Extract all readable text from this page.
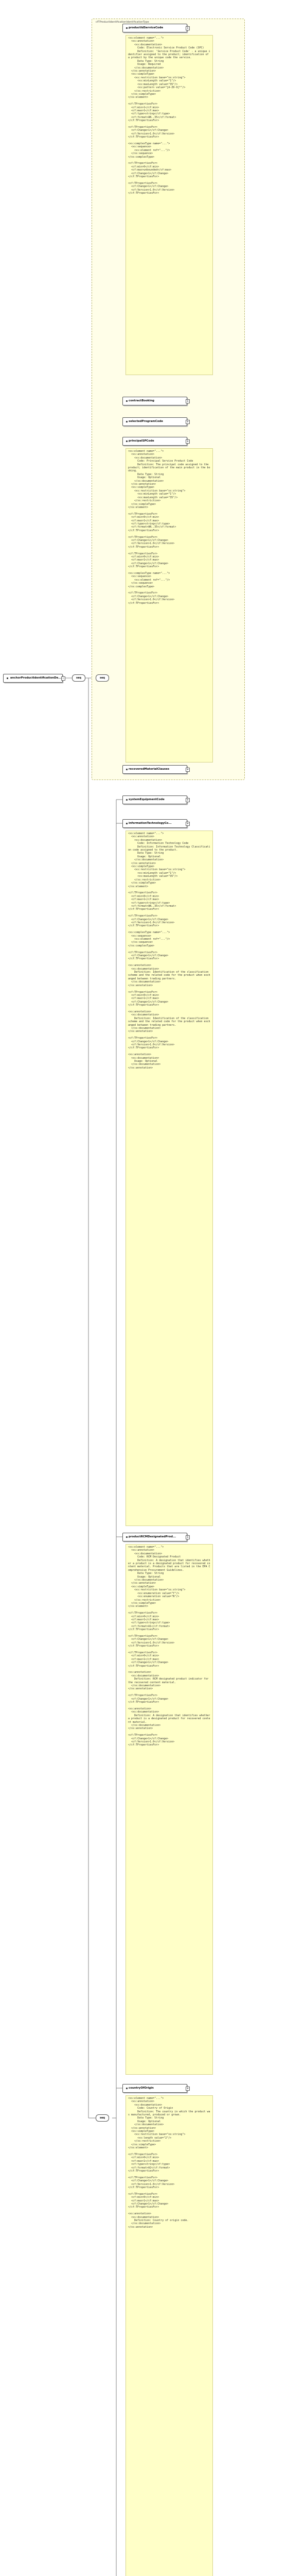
cfTProductIdentificationIdentificationType
anchorProductIdentificationDe... −	seq	seq
seq
productIdServiceCode	+
<xs:element name="...">
<xs:annotation>
<xs:documentation>
Code: Electronic Service Product Code (SPC)
Definition: 'Service Product Code' - a unique identifier assigned to the product; identification of a product by the unique code the service.
Data Type: String
Usage: Required
</xs:documentation>
</xs:annotation>
<xs:simpleType>
<xs:restriction base="xs:string">
<xs:minLength value="1"/>
<xs:maxLength value="35"/>
<xs:pattern value="[A-Z0-9]*"/>
</xs:restriction>
</xs:simpleType>
</xs:element>

<cf:TPropertiesFor>
<cf:min>1</cf:min>
<cf:max>1</cf:max>
<cf:type>string</cf:type>
<cf:format>AN..35</cf:format>
</cf:TPropertiesFor>

<cf:TPropertiesFor>
<cf:Change>1</cf:Change>
<cf:Version>1.0</cf:Version>
</cf:TPropertiesFor>

<xs:complexType name="...">
<xs:sequence>
<xs:element ref="..."/>
</xs:sequence>
</xs:complexType>

<cf:TPropertiesFor>
<cf:min>0</cf:min>
<cf:max>unbounded</cf:max>
<cf:Change>1</cf:Change>
</cf:TPropertiesFor>

<cf:TPropertiesFor>
<cf:Change>1</cf:Change>
<cf:Version>1.0</cf:Version>
</cf:TPropertiesFor>
contractBooking	+
selectedProgramCode	+
principalSPCode	+
<xs:element name="...">
<xs:annotation>
<xs:documentation>
Code: Principal Service Product Code
Definition: The principal code assigned to the product; identification of the main product in the booking.
Data Type: String
Usage: Optional
</xs:documentation>
</xs:annotation>
<xs:simpleType>
<xs:restriction base="xs:string">
<xs:minLength value="1"/>
<xs:maxLength value="35"/>
</xs:restriction>
</xs:simpleType>
</xs:element>

<cf:TPropertiesFor>
<cf:min>0</cf:min>
<cf:max>1</cf:max>
<cf:type>string</cf:type>
<cf:format>AN..35</cf:format>
</cf:TPropertiesFor>

<cf:TPropertiesFor>
<cf:Change>1</cf:Change>
<cf:Version>1.0</cf:Version>
</cf:TPropertiesFor>

<cf:TPropertiesFor>
<cf:min>0</cf:min>
<cf:max>1</cf:max>
<cf:Change>1</cf:Change>
</cf:TPropertiesFor>

<xs:complexType name="...">
<xs:sequence>
<xs:element ref="..."/>
</xs:sequence>
</xs:complexType>

<cf:TPropertiesFor>
<cf:Change>1</cf:Change>
<cf:Version>1.0</cf:Version>
</cf:TPropertiesFor>
recoveredMaterialClauses	+
systemEquipmentCode	+
informationTechnologyCo...	+
<xs:element name="...">
<xs:annotation>
<xs:documentation>
Code: Information Technology Code
Definition: Information Technology Classification code assigned to the product.
Data Type: String
Usage: Optional
</xs:documentation>
</xs:annotation>
<xs:simpleType>
<xs:restriction base="xs:string">
<xs:minLength value="1"/>
<xs:maxLength value="35"/>
</xs:restriction>
</xs:simpleType>
</xs:element>

<cf:TPropertiesFor>
<cf:min>0</cf:min>
<cf:max>1</cf:max>
<cf:type>string</cf:type>
<cf:format>AN..35</cf:format>
</cf:TPropertiesFor>

<cf:TPropertiesFor>
<cf:Change>1</cf:Change>
<cf:Version>1.0</cf:Version>
</cf:TPropertiesFor>

<xs:complexType name="...">
<xs:sequence>
<xs:element ref="..."/>
</xs:sequence>
</xs:complexType>

<cf:TPropertiesFor>
<cf:Change>1</cf:Change>
</cf:TPropertiesFor>

<xs:annotation>
<xs:documentation>
Definition: Identification of the classification scheme and the related code for the product when exchanged between trading partners.
</xs:documentation>
</xs:annotation>

<cf:TPropertiesFor>
<cf:min>0</cf:min>
<cf:max>1</cf:max>
<cf:Change>1</cf:Change>
</cf:TPropertiesFor>

<xs:annotation>
<xs:documentation>
Definition: Identification of the classification scheme and the related code for the product when exchanged between trading partners.
</xs:documentation>
</xs:annotation>

<cf:TPropertiesFor>
<cf:Change>1</cf:Change>
<cf:Version>1.0</cf:Version>
</cf:TPropertiesFor>

<xs:annotation>
<xs:documentation>
Usage: Optional
</xs:documentation>
</xs:annotation>
productRCMDesignatedProd...	+
<xs:element name="...">
<xs:annotation>
<xs:documentation>
Code: RCM Designated Product
Definition: A designation that identifies whether a product is a designated product for recovered content material. Products that are listed in the EPA Comprehensive Procurement Guidelines.
Data Type: String
Usage: Optional
</xs:documentation>
</xs:annotation>
<xs:simpleType>
<xs:restriction base="xs:string">
<xs:enumeration value="Y"/>
<xs:enumeration value="N"/>
</xs:restriction>
</xs:simpleType>
</xs:element>

<cf:TPropertiesFor>
<cf:min>0</cf:min>
<cf:max>1</cf:max>
<cf:type>string</cf:type>
<cf:format>A1</cf:format>
</cf:TPropertiesFor>

<cf:TPropertiesFor>
<cf:Change>1</cf:Change>
<cf:Version>1.0</cf:Version>
</cf:TPropertiesFor>

<cf:TPropertiesFor>
<cf:min>0</cf:min>
<cf:max>1</cf:max>
<cf:Change>1</cf:Change>
</cf:TPropertiesFor>

<xs:annotation>
<xs:documentation>
Definition: RCM designated product indicator for the recovered content material.
</xs:documentation>
</xs:annotation>

<cf:TPropertiesFor>
<cf:Change>1</cf:Change>
</cf:TPropertiesFor>

<xs:annotation>
<xs:documentation>
Definition: A designation that identifies whether a product is a designated product for recovered content material.
</xs:documentation>
</xs:annotation>

<cf:TPropertiesFor>
<cf:Change>1</cf:Change>
<cf:Version>1.0</cf:Version>
</cf:TPropertiesFor>
countryOfOrigin	+
<xs:element name="...">
<xs:annotation>
<xs:documentation>
Code: Country of Origin
Definition: The country in which the product was manufactured, produced or grown.
Data Type: String
Usage: Optional
</xs:documentation>
</xs:annotation>
<xs:simpleType>
<xs:restriction base="xs:string">
<xs:length value="2"/>
</xs:restriction>
</xs:simpleType>
</xs:element>

<cf:TPropertiesFor>
<cf:min>0</cf:min>
<cf:max>1</cf:max>
<cf:type>string</cf:type>
<cf:format>A2</cf:format>
</cf:TPropertiesFor>

<cf:TPropertiesFor>
<cf:Change>1</cf:Change>
<cf:Version>1.0</cf:Version>
</cf:TPropertiesFor>

<cf:TPropertiesFor>
<cf:min>0</cf:min>
<cf:max>1</cf:max>
<cf:Change>1</cf:Change>
</cf:TPropertiesFor>

<xs:annotation>
<xs:documentation>
Definition: Country of origin code.
</xs:documentation>
</xs:annotation>
